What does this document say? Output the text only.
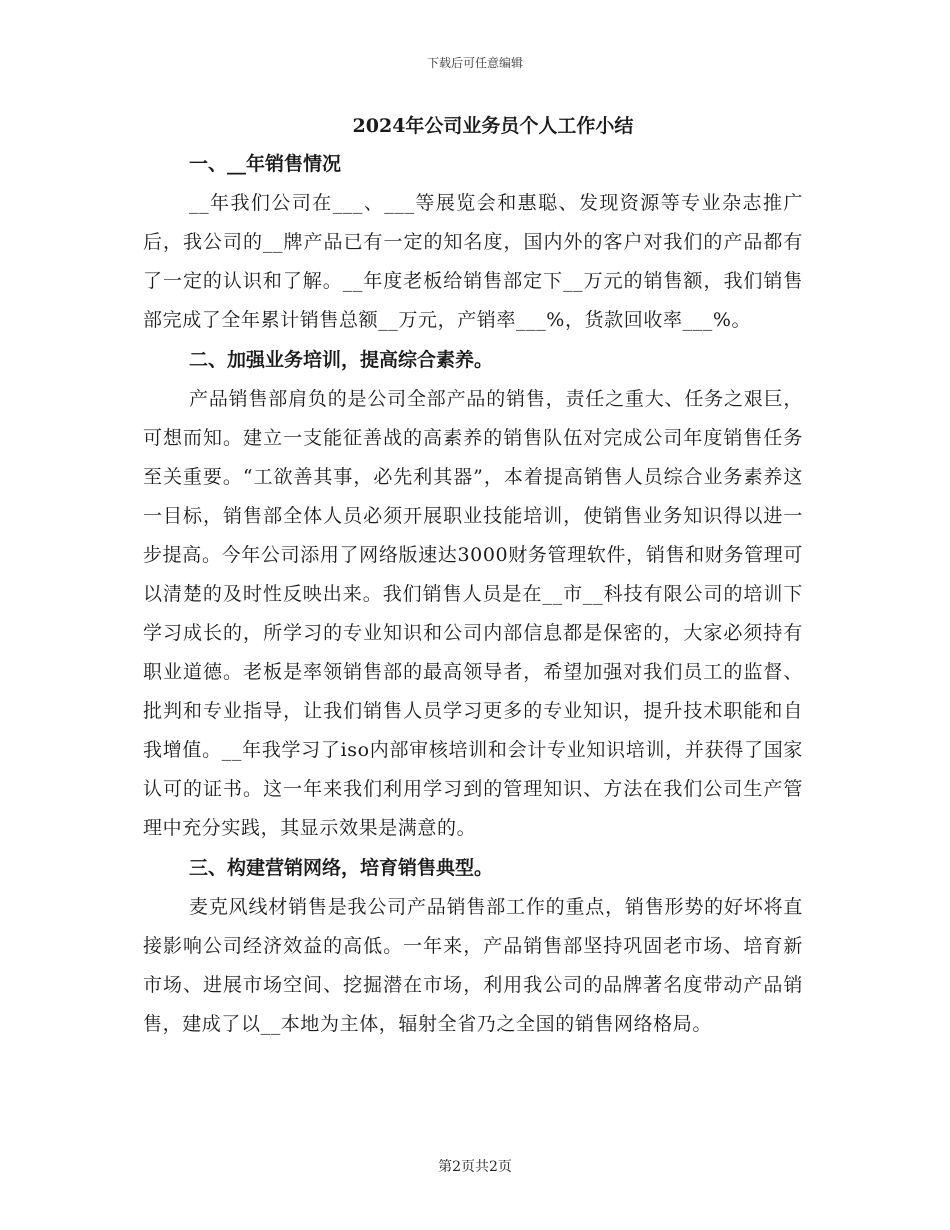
下载后可任意编辑
2024年公司业务员个人工作小结
一、__年销售情况

__年我们公司在___、___等展览会和惠聪、发现资源等专业杂志推广后，我公司的__牌产品已有一定的知名度，国内外的客户对我们的产品都有了一定的认识和了解。__年度老板给销售部定下__万元的销售额，我们销售部完成了全年累计销售总额__万元，产销率___%，货款回收率___%。

二、加强业务培训，提高综合素养。

产品销售部肩负的是公司全部产品的销售，责任之重大、任务之艰巨，可想而知。建立一支能征善战的高素养的销售队伍对完成公司年度销售任务至关重要。“工欲善其事，必先利其器”，本着提高销售人员综合业务素养这一目标，销售部全体人员必须开展职业技能培训，使销售业务知识得以进一步提高。今年公司添用了网络版速达3000财务管理软件，销售和财务管理可以清楚的及时性反映出来。我们销售人员是在__市__科技有限公司的培训下学习成长的，所学习的专业知识和公司内部信息都是保密的，大家必须持有职业道德。老板是率领销售部的最高领导者，希望加强对我们员工的监督、批判和专业指导，让我们销售人员学习更多的专业知识，提升技术职能和自我增值。__年我学习了iso内部审核培训和会计专业知识培训，并获得了国家认可的证书。这一年来我们利用学习到的管理知识、方法在我们公司生产管理中充分实践，其显示效果是满意的。

三、构建营销网络，培育销售典型。

麦克风线材销售是我公司产品销售部工作的重点，销售形势的好坏将直接影响公司经济效益的高低。一年来，产品销售部坚持巩固老市场、培育新市场、进展市场空间、挖掘潜在市场，利用我公司的品牌著名度带动产品销售，建成了以__本地为主体，辐射全省乃之全国的销售网络格局。

第2页共2页
